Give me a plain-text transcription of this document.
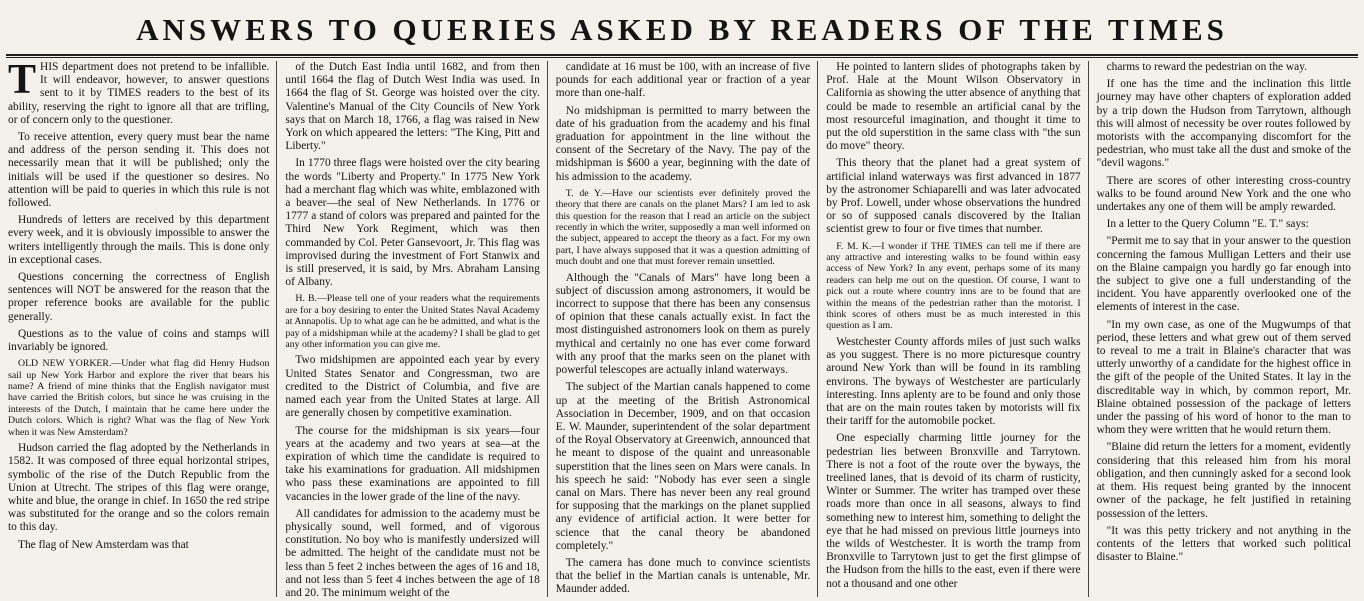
ANSWERS TO QUERIES ASKED BY READERS OF THE TIMES

THIS department does not pretend to be infallible. It will endeavor, however, to answer questions sent to it by TIMES readers to the best of its ability, reserving the right to ignore all that are trifling, or of concern only to the questioner.

To receive attention, every query must bear the name and address of the person sending it. This does not necessarily mean that it will be published; only the initials will be used if the questioner so desires. No attention will be paid to queries in which this rule is not followed.

Hundreds of letters are received by this department every week, and it is obviously impossible to answer the writers intelligently through the mails. This is done only in exceptional cases.

Questions concerning the correctness of English sentences will NOT be answered for the reason that the proper reference books are available for the public generally.

Questions as to the value of coins and stamps will invariably be ignored.

OLD NEW YORKER.—Under what flag did Henry Hudson sail up New York Harbor and explore the river that bears his name? A friend of mine thinks that the English navigator must have carried the British colors, but since he was cruising in the interests of the Dutch, I maintain that he came here under the Dutch colors. Which is right? What was the flag of New York when it was New Amsterdam?

Hudson carried the flag adopted by the Netherlands in 1582. It was composed of three equal horizontal stripes, symbolic of the rise of the Dutch Republic from the Union at Utrecht. The stripes of this flag were orange, white and blue, the orange in chief. In 1650 the red stripe was substituted for the orange and so the colors remain to this day.

The flag of New Amsterdam was that

of the Dutch East India until 1682, and from then until 1664 the flag of Dutch West India was used. In 1664 the flag of St. George was hoisted over the city. Valentine's Manual of the City Councils of New York says that on March 18, 1766, a flag was raised in New York on which appeared the letters: "The King, Pitt and Liberty."

In 1770 three flags were hoisted over the city bearing the words "Liberty and Property." In 1775 New York had a merchant flag which was white, emblazoned with a beaver—the seal of New Netherlands. In 1776 or 1777 a stand of colors was prepared and painted for the Third New York Regiment, which was then commanded by Col. Peter Gansevoort, Jr. This flag was improvised during the investment of Fort Stanwix and is still preserved, it is said, by Mrs. Abraham Lansing of Albany.

H. B.—Please tell one of your readers what the requirements are for a boy desiring to enter the United States Naval Academy at Annapolis. Up to what age can he be admitted, and what is the pay of a midshipman while at the academy? I shall be glad to get any other information you can give me.

Two midshipmen are appointed each year by every United States Senator and Congressman, two are credited to the District of Columbia, and five are named each year from the United States at large. All are generally chosen by competitive examination.

The course for the midshipman is six years—four years at the academy and two years at sea—at the expiration of which time the candidate is required to take his examinations for graduation. All midshipmen who pass these examinations are appointed to fill vacancies in the lower grade of the line of the navy.

All candidates for admission to the academy must be physically sound, well formed, and of vigorous constitution. No boy who is manifestly undersized will be admitted. The height of the candidate must not be less than 5 feet 2 inches between the ages of 16 and 18, and not less than 5 feet 4 inches between the age of 18 and 20. The minimum weight of the

candidate at 16 must be 100, with an increase of five pounds for each additional year or fraction of a year more than one-half.

No midshipman is permitted to marry between the date of his graduation from the academy and his final graduation for appointment in the line without the consent of the Secretary of the Navy. The pay of the midshipman is $600 a year, beginning with the date of his admission to the academy.

T. de Y.—Have our scientists ever definitely proved the theory that there are canals on the planet Mars? I am led to ask this question for the reason that I read an article on the subject recently in which the writer, supposedly a man well informed on the subject, appeared to accept the theory as a fact. For my own part, I have always supposed that it was a question admitting of much doubt and one that must forever remain unsettled.

Although the "Canals of Mars" have long been a subject of discussion among astronomers, it would be incorrect to suppose that there has been any consensus of opinion that these canals actually exist. In fact the most distinguished astronomers look on them as purely mythical and certainly no one has ever come forward with any proof that the marks seen on the planet with powerful telescopes are actually inland waterways.

The subject of the Martian canals happened to come up at the meeting of the British Astronomical Association in December, 1909, and on that occasion E. W. Maunder, superintendent of the solar department of the Royal Observatory at Greenwich, announced that he meant to dispose of the quaint and unreasonable superstition that the lines seen on Mars were canals. In his speech he said: "Nobody has ever seen a single canal on Mars. There has never been any real ground for supposing that the markings on the planet supplied any evidence of artificial action. It were better for science that the canal theory be abandoned completely."

The camera has done much to convince scientists that the belief in the Martian canals is untenable, Mr. Maunder added.

He pointed to lantern slides of photographs taken by Prof. Hale at the Mount Wilson Observatory in California as showing the utter absence of anything that could be made to resemble an artificial canal by the most resourceful imagination, and thought it time to put the old superstition in the same class with "the sun do move" theory.

This theory that the planet had a great system of artificial inland waterways was first advanced in 1877 by the astronomer Schiaparelli and was later advocated by Prof. Lowell, under whose observations the hundred or so of supposed canals discovered by the Italian scientist grew to four or five times that number.

F. M. K.—I wonder if THE TIMES can tell me if there are any attractive and interesting walks to be found within easy access of New York? In any event, perhaps some of its many readers can help me out on the question. Of course, I want to pick out a route where country inns are to be found that are within the means of the pedestrian rather than the motorist. I think scores of others must be as much interested in this question as I am.

Westchester County affords miles of just such walks as you suggest. There is no more picturesque country around New York than will be found in its rambling environs. The byways of Westchester are particularly interesting. Inns aplenty are to be found and only those that are on the main routes taken by motorists will fix their tariff for the automobile pocket.

One especially charming little journey for the pedestrian lies between Bronxville and Tarrytown. There is not a foot of the route over the byways, the treelined lanes, that is devoid of its charm of rusticity, Winter or Summer. The writer has tramped over these roads more than once in all seasons, always to find something new to interest him, something to delight the eye that he had missed on previous little journeys into the wilds of Westchester. It is worth the tramp from Bronxville to Tarrytown just to get the first glimpse of the Hudson from the hills to the east, even if there were not a thousand and one other

charms to reward the pedestrian on the way.

If one has the time and the inclination this little journey may have other chapters of exploration added by a trip down the Hudson from Tarrytown, although this will almost of necessity be over routes followed by motorists with the accompanying discomfort for the pedestrian, who must take all the dust and smoke of the "devil wagons."

There are scores of other interesting cross-country walks to be found around New York and the one who undertakes any one of them will be amply rewarded.

In a letter to the Query Column "E. T." says:

"Permit me to say that in your answer to the question concerning the famous Mulligan Letters and their use on the Blaine campaign you hardly go far enough into the subject to give one a full understanding of the incident. You have apparently overlooked one of the elements of interest in the case.

"In my own case, as one of the Mugwumps of that period, these letters and what grew out of them served to reveal to me a trait in Blaine's character that was utterly unworthy of a candidate for the highest office in the gift of the people of the United States. It lay in the discreditable way in which, by common report, Mr. Blaine obtained possession of the package of letters under the passing of his word of honor to the man to whom they were written that he would return them.

"Blaine did return the letters for a moment, evidently considering that this released him from his moral obligation, and then cunningly asked for a second look at them. His request being granted by the innocent owner of the package, he felt justified in retaining possession of the letters.

"It was this petty trickery and not anything in the contents of the letters that worked such political disaster to Blaine."
